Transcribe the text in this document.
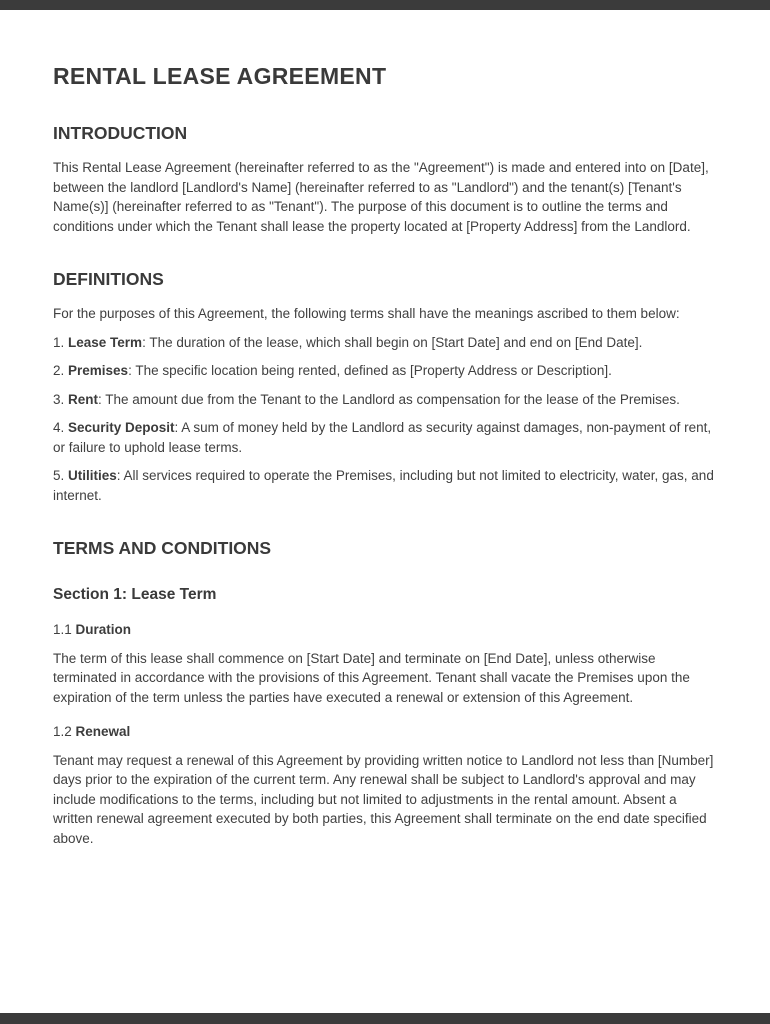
RENTAL LEASE AGREEMENT
INTRODUCTION

This Rental Lease Agreement (hereinafter referred to as the "Agreement") is made and entered into on [Date], between the landlord [Landlord's Name] (hereinafter referred to as "Landlord") and the tenant(s) [Tenant's Name(s)] (hereinafter referred to as "Tenant"). The purpose of this document is to outline the terms and conditions under which the Tenant shall lease the property located at [Property Address] from the Landlord.

DEFINITIONS

For the purposes of this Agreement, the following terms shall have the meanings ascribed to them below:

1. Lease Term: The duration of the lease, which shall begin on [Start Date] and end on [End Date].

2. Premises: The specific location being rented, defined as [Property Address or Description].

3. Rent: The amount due from the Tenant to the Landlord as compensation for the lease of the Premises.

4. Security Deposit: A sum of money held by the Landlord as security against damages, non-payment of rent, or failure to uphold lease terms.

5. Utilities: All services required to operate the Premises, including but not limited to electricity, water, gas, and internet.

TERMS AND CONDITIONS
Section 1: Lease Term

1.1 Duration

The term of this lease shall commence on [Start Date] and terminate on [End Date], unless otherwise terminated in accordance with the provisions of this Agreement. Tenant shall vacate the Premises upon the expiration of the term unless the parties have executed a renewal or extension of this Agreement.

1.2 Renewal

Tenant may request a renewal of this Agreement by providing written notice to Landlord not less than [Number] days prior to the expiration of the current term. Any renewal shall be subject to Landlord's approval and may include modifications to the terms, including but not limited to adjustments in the rental amount. Absent a written renewal agreement executed by both parties, this Agreement shall terminate on the end date specified above.
